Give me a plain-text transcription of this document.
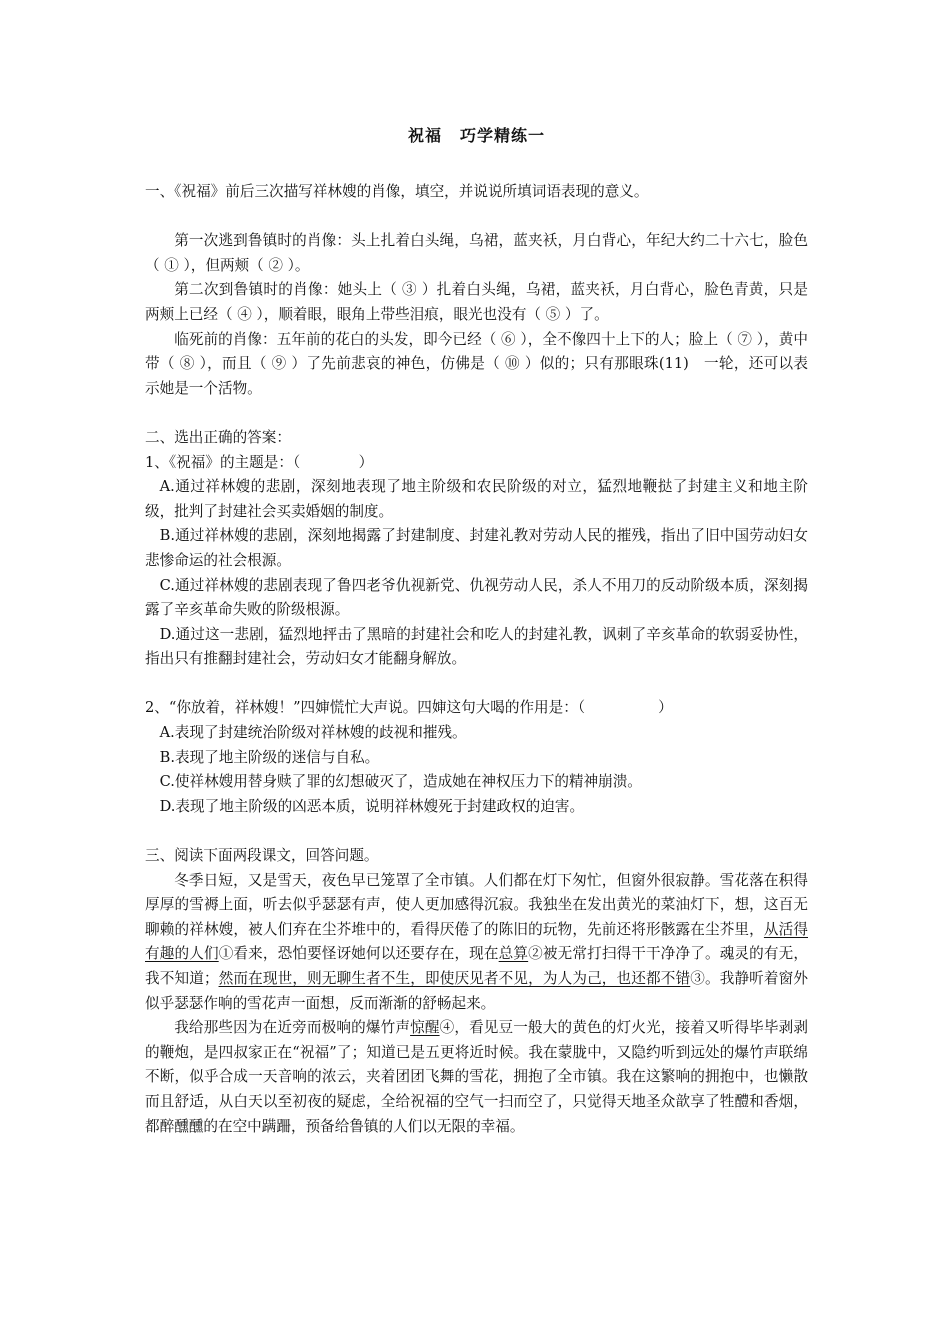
祝福 巧学精练一

一、《祝福》前后三次描写祥林嫂的肖像，填空，并说说所填词语表现的意义。

第一次逃到鲁镇时的肖像：头上扎着白头绳，乌裙，蓝夹袄，月白背心，年纪大约二十六七，脸色（ ① ），但两颊（ ② ）。

第二次到鲁镇时的肖像：她头上（ ③ ）扎着白头绳，乌裙，蓝夹袄，月白背心，脸色青黄，只是两颊上已经（ ④ ），顺着眼，眼角上带些泪痕，眼光也没有（ ⑤ ）了。

临死前的肖像：五年前的花白的头发，即今已经（ ⑥ ），全不像四十上下的人；脸上（ ⑦ ），黄中带（ ⑧ ），而且（ ⑨ ）了先前悲哀的神色，仿佛是（ ⑩ ）似的；只有那眼珠(11)　一轮，还可以表示她是一个活物。

二、选出正确的答案：

1、《祝福》的主题是：（　　　　）

A.通过祥林嫂的悲剧，深刻地表现了地主阶级和农民阶级的对立，猛烈地鞭挞了封建主义和地主阶级，批判了封建社会买卖婚姻的制度。

B.通过祥林嫂的悲剧，深刻地揭露了封建制度、封建礼教对劳动人民的摧残，指出了旧中国劳动妇女悲惨命运的社会根源。

C.通过祥林嫂的悲剧表现了鲁四老爷仇视新党、仇视劳动人民，杀人不用刀的反动阶级本质，深刻揭露了辛亥革命失败的阶级根源。

D.通过这一悲剧，猛烈地抨击了黑暗的封建社会和吃人的封建礼教，讽刺了辛亥革命的软弱妥协性，指出只有推翻封建社会，劳动妇女才能翻身解放。

2、“你放着，祥林嫂！”四婶慌忙大声说。四婶这句大喝的作用是：（　　　　　）

A.表现了封建统治阶级对祥林嫂的歧视和摧残。

B.表现了地主阶级的迷信与自私。

C.使祥林嫂用替身赎了罪的幻想破灭了，造成她在神权压力下的精神崩溃。

D.表现了地主阶级的凶恶本质，说明祥林嫂死于封建政权的迫害。

三、阅读下面两段课文，回答问题。

冬季日短，又是雪天，夜色早已笼罩了全市镇。人们都在灯下匆忙，但窗外很寂静。雪花落在积得厚厚的雪褥上面，听去似乎瑟瑟有声，使人更加感得沉寂。我独坐在发出黄光的菜油灯下，想，这百无聊赖的祥林嫂，被人们弃在尘芥堆中的，看得厌倦了的陈旧的玩物，先前还将形骸露在尘芥里，从活得有趣的人们①看来，恐怕要怪讶她何以还要存在，现在总算②被无常打扫得干干净净了。魂灵的有无，我不知道；然而在现世，则无聊生者不生，即使厌见者不见，为人为己，也还都不错③。我静听着窗外似乎瑟瑟作响的雪花声一面想，反而渐渐的舒畅起来。

我给那些因为在近旁而极响的爆竹声惊醒④，看见豆一般大的黄色的灯火光，接着又听得毕毕剥剥的鞭炮，是四叔家正在“祝福”了；知道已是五更将近时候。我在蒙胧中，又隐约听到远处的爆竹声联绵不断，似乎合成一天音响的浓云，夹着团团飞舞的雪花，拥抱了全市镇。我在这繁响的拥抱中，也懒散而且舒适，从白天以至初夜的疑虑，全给祝福的空气一扫而空了，只觉得天地圣众歆享了牲醴和香烟，都醉醺醺的在空中蹒跚，预备给鲁镇的人们以无限的幸福。
